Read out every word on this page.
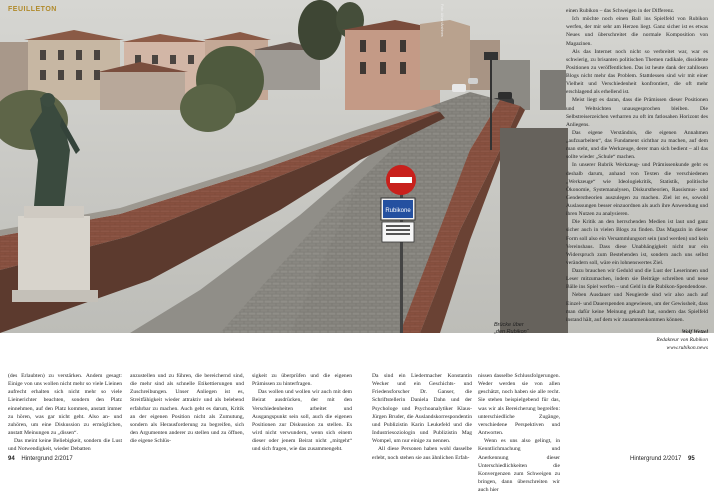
Rubikone
FEUILLETON	Foto: Alinari Archives
Brücke über
„den Rubikon“

einen Rubikon – das Schweigen in der Differenz.

Ich möchte noch einen Ball ins Spielfeld von Rubikon werfen, der mir sehr am Herzen liegt. Ganz sicher ist es etwas Neues und überschreitet die normale Komposition von Magazinen.

Als das Internet noch nicht so verbreitet war, war es schwierig, zu brisanten politischen Themen radikale, dissidente Positionen zu veröffentlichen. Das ist heute dank der zahllosen Blogs nicht mehr das Problem. Stattdessen sind wir mit einer Vielheit und Verschiedenheit konfrontiert, die oft mehr erschlagend als erhellend ist.

Meist liegt es daran, dass die Prämissen dieser Positionen und Weltsichten unausgesprochen bleiben. Die Selbstreiserzeichen verharren zu oft im fatlosahen Horizont des Anliegens.

Das eigene Verständnis, die eigenen Annahmen „aufzuarbeiten“, das Fundament sichtbar zu machen, auf dem man steht, und die Werkzeuge, derer man sich bedient – all das sollte wieder „Schule“ machen.

In unserer Rubrik Werkzeug- und Prämissenkunde geht es deshalb darum, anhand von Texten die verschiedenen „Werkzeuge“ wie Ideologiekritik, Statistik, politische Ökonomie, Systemanalysen, Diskurstheorien, Rassismus- und Genderstheorien auszulegen zu machen. Ziel ist es, sowohl Auslassungen besser einzuordnen als auch ihre Anwendung und ihren Nutzen zu analysieren.

Die Kritik an den herrschenden Medien ist laut und ganz sicher auch in vielen Blogs zu finden. Das Magazin in dieser Form soll also ein Versammlungsort sein (und werden) und kein Vereinshaus. Dass diese Unabhängigkeit nicht nur ein Widerspruch zum Bestehenden ist, sondern auch uns selbst verändern soll, wäre ein lohnenswertes Ziel.

Dazu brauchen wir Geduld und die Lust der Leserinnen und Leser mitzumachen, indem sie Beiträge schreiben und neue Bälle ins Spiel werfen – und Geld in die Rubikon-Spendendose.

Neben Ausdauer und Neugierde sind wir also auch auf Einzel- und Dauerspenden angewiesen, um der Gewissheit, dass man dafür keine Meinung gekauft hat, sondern das Spielfeld instand hält, auf dem wir zusammenkommen können.

Wolf Wetzel
Redakteur von Rubikon
www.rubikon.news

(des Erlaubten) zu verstärken. Andem gesagt: Einige von uns wollen nicht mehr so viele Lieinen aufrecht erhalten sich nicht mehr so viele Lieinerichter beachten, sondern den Platz einnehmen, auf den Platz kommen, anstatt immer zu hören, was gar nicht geht. Also an- und zuhören, um eine Diskussion zu ermöglichen, anstatt Meinungen zu „dissen“.

Das meint keine Beliebigkeit, sondern die Lust und Notwendigkeit, wieder Debatten

anzustellen und zu führen, die bereichernd sind, die mehr sind als schnelle Etikettierungen und Zuschreibungen. Unser Anliegen ist es, Streitfähigkeit wieder attraktiv und als belebend erfahrbar zu machen. Auch geht es darum, Kritik an der eigenen Position nicht als Zumutung, sondern als Herausforderung zu begreifen, sich den Argumenten anderer zu stellen und zu öffnen, die eigene Schlüs-

sigkeit zu überprüfen und die eigenen Prämissen zu hinterfragen.

Das wollen und wollen wir auch mit dem Beirat ausdrücken, der mit den Verschiedenheiten arbeitet und Ausgangspunkt sein soll, auch die eigenen Positionen zur Diskussion zu stellen. Es wird nicht verwundern, wenn sich einem dieser oder jenem Beirat nicht „mitgeht“ und sich fragen, wie das zusammengeht.

Da sind ein Liedermacher Konstantin Wecker und ein Geschichts- und Friedensforscher Dr. Ganser, die Schriftstellerin Daniela Dahn und der Psychologe und Psychoanalytiker Klaus-Jürgen Bruder, die Auslandskorrespondentin und Publizistin Karin Leukefeld und die Industriesoziologin und Publizistin Mag Wompel, um nur einige zu nennen.

All diese Personen haben wohl dasselbe erlebt, noch stehen sie aus ähnlichen Erfah-

nissen dasselbe Schlussfolgerungen. Weder werden sie von allen geschätzt, noch haben sie alle recht. Sie stehen beispielgebend für das, was wir als Bereicherung begreifen: unterschiedliche Zugänge, verschiedene Perspektiven und Antworten.

Wenn es uns also gelingt, in Kenntlichmachung und Anerkennung dieser Unterschiedlichkeiten die Konvergenzen zum Schweigen zu bringen, dann überschreiten wir auch hier

94 Hintergrund 2/2017	Hintergrund 2/2017 95
